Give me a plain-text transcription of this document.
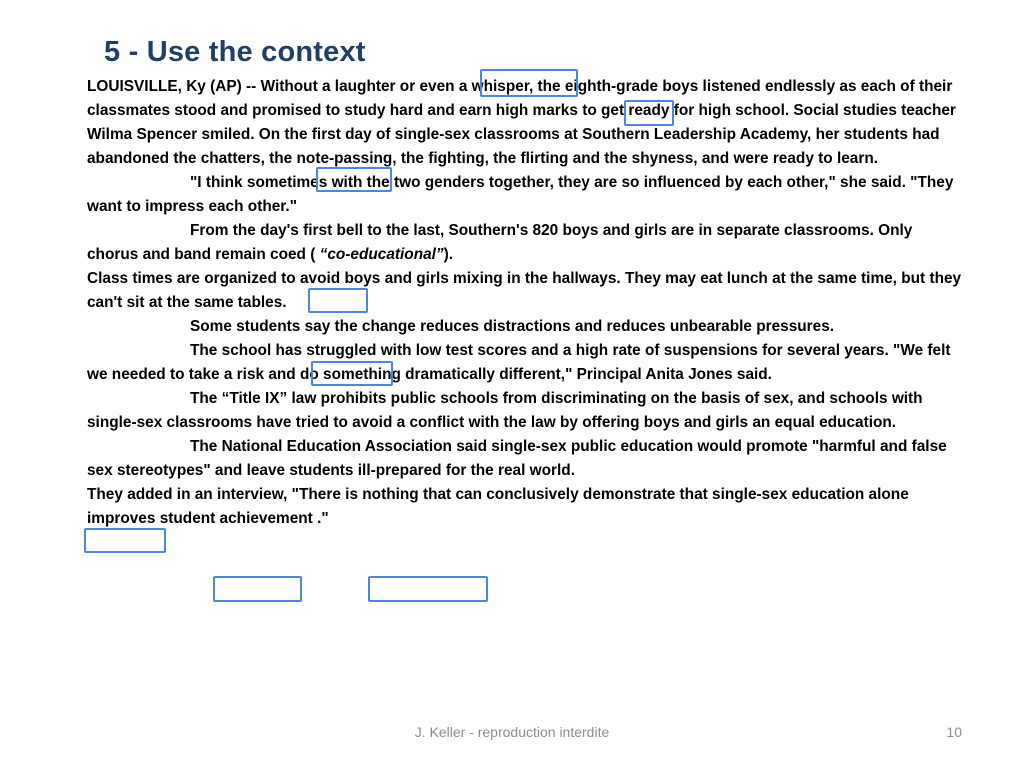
5 - Use the context

LOUISVILLE, Ky (AP) -- Without a laughter or even a whisper, the eighth-grade boys listened endlessly as each of their classmates stood and promised to study hard and earn high marks to get ready for high school. Social studies teacher Wilma Spencer smiled. On the first day of single-sex classrooms at Southern Leadership Academy, her students had abandoned the chatters, the note-passing, the fighting, the flirting and the shyness, and were ready to learn.

"I think sometimes with the two genders together, they are so influenced by each other," she said. "They want to impress each other."

From the day's first bell to the last, Southern's 820 boys and girls are in separate classrooms. Only chorus and band remain coed ( “co-educational”).

Class times are organized to avoid boys and girls mixing in the hallways. They may eat lunch at the same time, but they can't sit at the same tables.

Some students say the change reduces distractions and reduces unbearable pressures.

The school has struggled with low test scores and a high rate of suspensions for several years. "We felt we needed to take a risk and do something dramatically different," Principal Anita Jones said.

The “Title IX” law prohibits public schools from discriminating on the basis of sex, and schools with single-sex classrooms have tried to avoid a conflict with the law by offering boys and girls an equal education.

The National Education Association said single-sex public education would promote "harmful and false sex stereotypes" and leave students ill-prepared for the real world.

They added in an interview, "There is nothing that can conclusively demonstrate that single-sex education alone improves student achievement ."

J. Keller - reproduction interdite	10
